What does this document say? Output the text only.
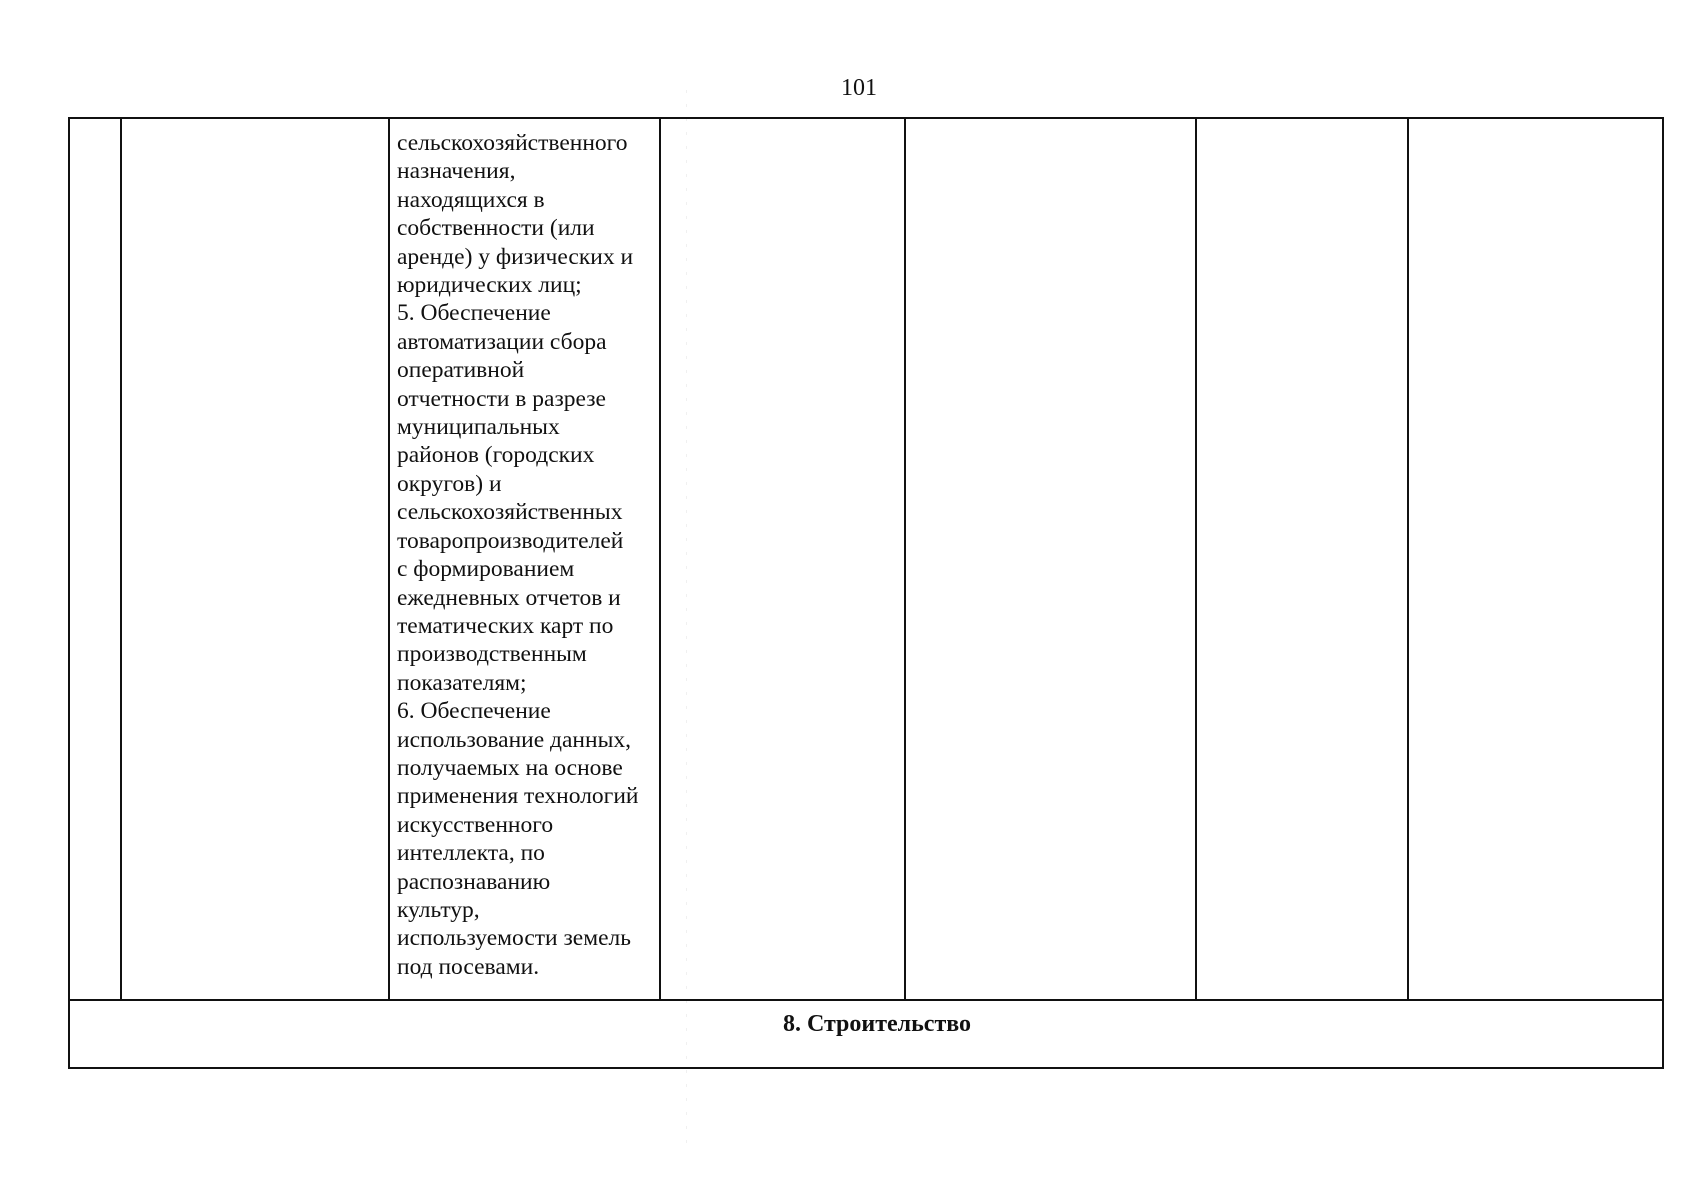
101

сельскохозяйственного
назначения,
находящихся в
собственности (или
аренде) у физических и
юридических лиц;
5. Обеспечение
автоматизации сбора
оперативной
отчетности в разрезе
муниципальных
районов (городских
округов) и
сельскохозяйственных
товаропроизводителей
с формированием
ежедневных отчетов и
тематических карт по
производственным
показателям;
6. Обеспечение
использование данных,
получаемых на основе
применения технологий
искусственного
интеллекта, по
распознаванию
культур,
используемости земель
под посевами.

8. Строительство
